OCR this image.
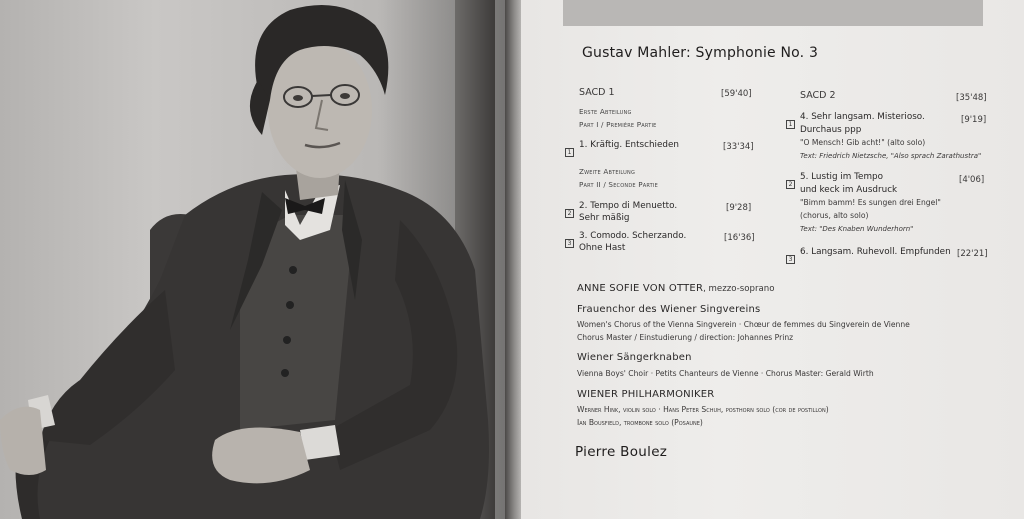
Gustav Mahler: Symphonie No. 3
SACD 1	[59'40]
Erste Abteilung
Part I / Première Partie
1
1. Kräftig. Entschieden	[33'34]
Zweite Abteilung
Part II / Seconde Partie
2
2. Tempo di Menuetto.
Sehr mäßig
[9'28]
3
3. Comodo. Scherzando.
Ohne Hast
[16'36]
SACD 2	[35'48]
1
4. Sehr langsam. Misterioso.
Durchaus ppp
"O Mensch! Gib acht!" (alto solo)
Text: Friedrich Nietzsche, "Also sprach Zarathustra"
[9'19]
2
5. Lustig im Tempo
und keck im Ausdruck
"Bimm bamm! Es sungen drei Engel"
(chorus, alto solo)
Text: "Des Knaben Wunderhorn"
[4'06]
3
6. Langsam. Ruhevoll. Empfunden [22'21]
ANNE SOFIE VON OTTER, mezzo-soprano
Frauenchor des Wiener Singvereins
Women's Chorus of the Vienna Singverein · Chœur de femmes du Singverein de Vienne
Chorus Master / Einstudierung / direction: Johannes Prinz
Wiener Sängerknaben
Vienna Boys' Choir · Petits Chanteurs de Vienne · Chorus Master: Gerald Wirth
WIENER PHILHARMONIKER
Werner Hink, violin solo · Hans Peter Schuh, posthorn solo (cor de postillon)
Ian Bousfield, trombone solo (Posaune)
Pierre Boulez
